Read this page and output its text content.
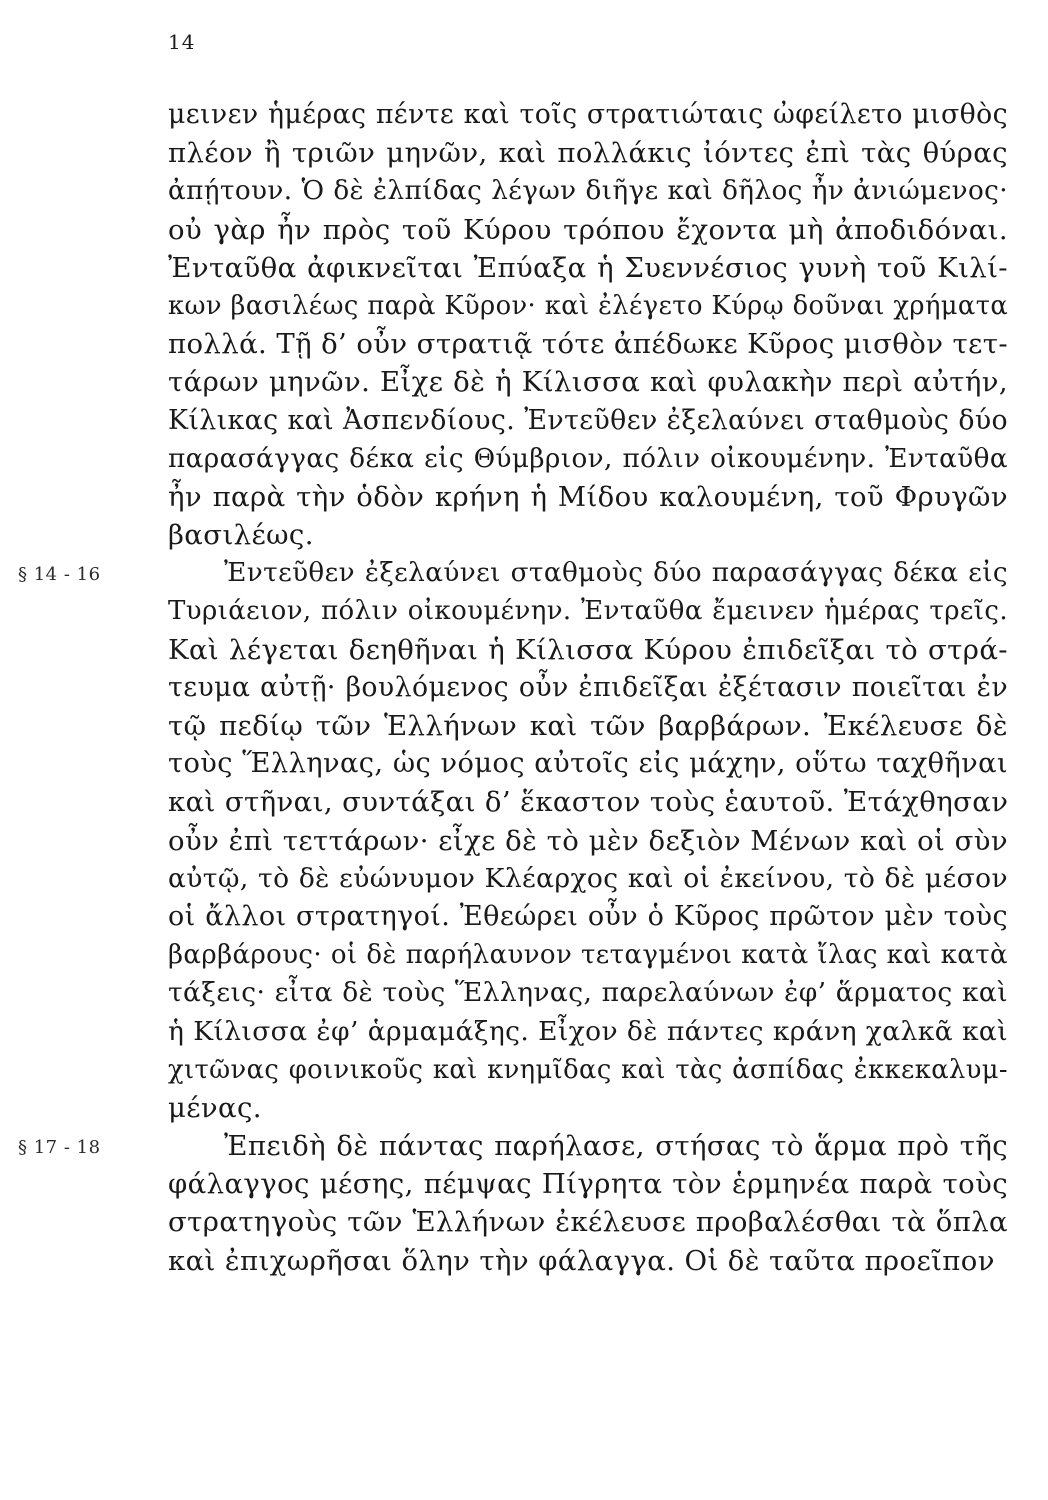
14
μεινεν ἡμέρας πέντε καὶ τοῖς στρατιώταις ὠφείλετο μισθὸς
πλέον ἢ τριῶν μηνῶν, καὶ πολλάκις ἰόντες ἐπὶ τὰς θύρας
ἀπῄτουν. Ὁ δὲ ἐλπίδας λέγων διῆγε καὶ δῆλος ἦν ἀνιώμενος·
οὐ γὰρ ἦν πρὸς τοῦ Κύρου τρόπου ἔχοντα μὴ ἀποδιδόναι.
Ἐνταῦθα ἀφικνεῖται Ἐπύαξα ἡ Συεννέσιος γυνὴ τοῦ Κιλί-
κων βασιλέως παρὰ Κῦρον· καὶ ἐλέγετο Κύρῳ δοῦναι χρήματα
πολλά. Τῇ δ’ οὖν στρατιᾷ τότε ἀπέδωκε Κῦρος μισθὸν τετ-
τάρων μηνῶν. Εἶχε δὲ ἡ Κίλισσα καὶ φυλακὴν περὶ αὐτήν,
Κίλικας καὶ Ἀσπενδίους. Ἐντεῦθεν ἐξελαύνει σταθμοὺς δύο
παρασάγγας δέκα εἰς Θύμβριον, πόλιν οἰκουμένην. Ἐνταῦθα
ἦν παρὰ τὴν ὁδὸν κρήνη ἡ Μίδου καλουμένη, τοῦ Φρυγῶν
βασιλέως.
Ἐντεῦθεν ἐξελαύνει σταθμοὺς δύο παρασάγγας δέκα εἰς
§ 14 - 16
Τυριάειον, πόλιν οἰκουμένην. Ἐνταῦθα ἔμεινεν ἡμέρας τρεῖς.
Καὶ λέγεται δεηθῆναι ἡ Κίλισσα Κύρου ἐπιδεῖξαι τὸ στρά-
τευμα αὐτῇ· βουλόμενος οὖν ἐπιδεῖξαι ἐξέτασιν ποιεῖται ἐν
τῷ πεδίῳ τῶν Ἑλλήνων καὶ τῶν βαρβάρων. Ἐκέλευσε δὲ
τοὺς Ἕλληνας, ὡς νόμος αὐτοῖς εἰς μάχην, οὕτω ταχθῆναι
καὶ στῆναι, συντάξαι δ’ ἕκαστον τοὺς ἑαυτοῦ. Ἐτάχθησαν
οὖν ἐπὶ τεττάρων· εἶχε δὲ τὸ μὲν δεξιὸν Μένων καὶ οἱ σὺν
αὐτῷ, τὸ δὲ εὐώνυμον Κλέαρχος καὶ οἱ ἐκείνου, τὸ δὲ μέσον
οἱ ἄλλοι στρατηγοί. Ἐθεώρει οὖν ὁ Κῦρος πρῶτον μὲν τοὺς
βαρβάρους· οἱ δὲ παρήλαυνον τεταγμένοι κατὰ ἴλας καὶ κατὰ
τάξεις· εἶτα δὲ τοὺς Ἕλληνας, παρελαύνων ἐφ’ ἅρματος καὶ
ἡ Κίλισσα ἐφ’ ἁρμαμάξης. Εἶχον δὲ πάντες κράνη χαλκᾶ καὶ
χιτῶνας φοινικοῦς καὶ κνημῖδας καὶ τὰς ἀσπίδας ἐκκεκαλυμ-
μένας.
Ἐπειδὴ δὲ πάντας παρήλασε, στήσας τὸ ἅρμα πρὸ τῆς
§ 17 - 18
φάλαγγος μέσης, πέμψας Πίγρητα τὸν ἑρμηνέα παρὰ τοὺς
στρατηγοὺς τῶν Ἑλλήνων ἐκέλευσε προβαλέσθαι τὰ ὅπλα
καὶ ἐπιχωρῆσαι ὅλην τὴν φάλαγγα. Οἱ δὲ ταῦτα προεῖπον
